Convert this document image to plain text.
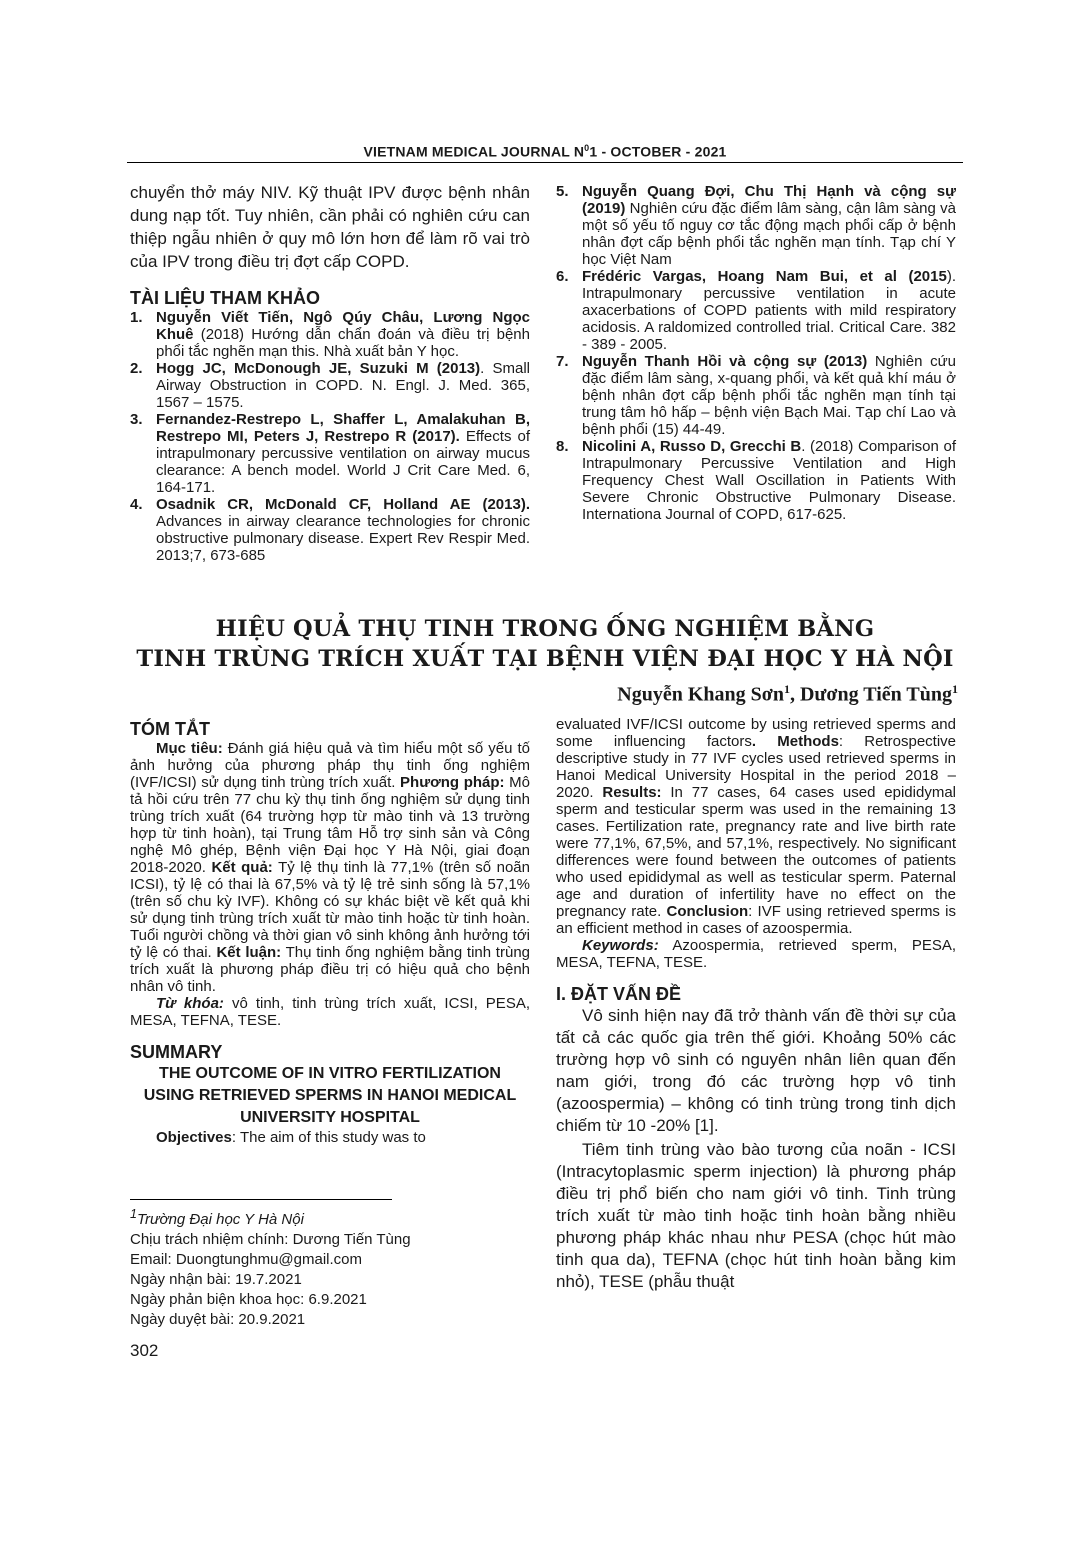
VIETNAM MEDICAL JOURNAL $N^01$ - OCTOBER - 2021

chuyển thở máy NIV. Kỹ thuật IPV được bệnh nhân dung nạp tốt. Tuy nhiên, cần phải có nghiên cứu can thiệp ngẫu nhiên ở quy mô lớn hơn để làm rõ vai trò của IPV trong điều trị đợt cấp COPD.

TÀI LIỆU THAM KHẢO
1. Nguyễn Viết Tiến, Ngô Qúy Châu, Lương Ngọc Khuê (2018) Hướng dẫn chẩn đoán và điều trị bệnh phổi tắc nghẽn mạn this. Nhà xuất bản Y học.
2. Hogg JC, McDonough JE, Suzuki M (2013). Small Airway Obstruction in COPD. N. Engl. J. Med. 365, 1567 – 1575.
3. Fernandez-Restrepo L, Shaffer L, Amalakuhan B, Restrepo MI, Peters J, Restrepo R (2017). Effects of intrapulmonary percussive ventilation on airway mucus clearance: A bench model. World J Crit Care Med. 6, 164-171.
4. Osadnik CR, McDonald CF, Holland AE (2013). Advances in airway clearance technologies for chronic obstructive pulmonary disease. Expert Rev Respir Med. 2013;7, 673-685
5. Nguyễn Quang Đợi, Chu Thị Hạnh và cộng sự (2019) Nghiên cứu đặc điểm lâm sàng, cận lâm sàng và một số yếu tố nguy cơ tắc động mạch phổi cấp ở bệnh nhân đợt cấp bệnh phổi tắc nghẽn mạn tính. Tạp chí Y học Việt Nam
6. Frédéric Vargas, Hoang Nam Bui, et al (2015). Intrapulmonary percussive ventilation in acute axacerbations of COPD patients with mild respiratory acidosis. A raldomized controlled trial. Critical Care. 382 - 389 - 2005.
7. Nguyễn Thanh Hồi và cộng sự (2013) Nghiên cứu đặc điểm lâm sàng, x-quang phổi, và kết quả khí máu ở bệnh nhân đợt cấp bệnh phổi tắc nghẽn mạn tính tại trung tâm hô hấp – bệnh viện Bạch Mai. Tạp chí Lao và bệnh phổi (15) 44-49.
8. Nicolini A, Russo D, Grecchi B. (2018) Comparison of Intrapulmonary Percussive Ventilation and High Frequency Chest Wall Oscillation in Patients With Severe Chronic Obstructive Pulmonary Disease. Internationa Journal of COPD, 617-625.
HIỆU QUẢ THỤ TINH TRONG ỐNG NGHIỆM BẰNG
TINH TRÙNG TRÍCH XUẤT TẠI BỆNH VIỆN ĐẠI HỌC Y HÀ NỘI
Nguyễn Khang Sơn$^1$, Dương Tiến Tùng$^1$
TÓM TẮT

Mục tiêu: Đánh giá hiệu quả và tìm hiểu một số yếu tố ảnh hưởng của phương pháp thụ tinh ống nghiệm (IVF/ICSI) sử dụng tinh trùng trích xuất. Phương pháp: Mô tả hồi cứu trên 77 chu kỳ thụ tinh ống nghiệm sử dụng tinh trùng trích xuất (64 trường hợp từ mào tinh và 13 trường hợp từ tinh hoàn), tại Trung tâm Hỗ trợ sinh sản và Công nghệ Mô ghép, Bệnh viện Đại học Y Hà Nội, giai đoạn 2018-2020. Kết quả: Tỷ lệ thụ tinh là 77,1% (trên số noãn ICSI), tỷ lệ có thai là 67,5% và tỷ lệ trẻ sinh sống là 57,1% (trên số chu kỳ IVF). Không có sự khác biệt về kết quả khi sử dụng tinh trùng trích xuất từ mào tinh hoặc từ tinh hoàn. Tuổi người chồng và thời gian vô sinh không ảnh hưởng tới tỷ lệ có thai. Kết luận: Thụ tinh ống nghiệm bằng tinh trùng trích xuất là phương pháp điều trị có hiệu quả cho bệnh nhân vô tinh.

Từ khóa: vô tinh, tinh trùng trích xuất, ICSI, PESA, MESA, TEFNA, TESE.

SUMMARY
THE OUTCOME OF IN VITRO FERTILIZATION USING RETRIEVED SPERMS IN HANOI MEDICAL UNIVERSITY HOSPITAL

Objectives: The aim of this study was to

evaluated IVF/ICSI outcome by using retrieved sperms and some influencing factors. Methods: Retrospective descriptive study in 77 IVF cycles used retrieved sperms in Hanoi Medical University Hospital in the period 2018 – 2020. Results: In 77 cases, 64 cases used epididymal sperm and testicular sperm was used in the remaining 13 cases. Fertilization rate, pregnancy rate and live birth rate were 77,1%, 67,5%, and 57,1%, respectively. No significant differences were found between the outcomes of patients who used epididymal as well as testicular sperm. Paternal age and duration of infertility have no effect on the pregnancy rate. Conclusion: IVF using retrieved sperms is an efficient method in cases of azoospermia.

Keywords: Azoospermia, retrieved sperm, PESA, MESA, TEFNA, TESE.

I. ĐẶT VẤN ĐỀ

Vô sinh hiện nay đã trở thành vấn đề thời sự của tất cả các quốc gia trên thế giới. Khoảng 50% các trường hợp vô sinh có nguyên nhân liên quan đến nam giới, trong đó các trường hợp vô tinh (azoospermia) – không có tinh trùng trong tinh dịch chiếm từ 10 -20% [1].

Tiêm tinh trùng vào bào tương của noãn - ICSI (Intracytoplasmic sperm injection) là phương pháp điều trị phổ biến cho nam giới vô tinh. Tinh trùng trích xuất từ mào tinh hoặc tinh hoàn bằng nhiều phương pháp khác nhau như PESA (chọc hút mào tinh qua da), TEFNA (chọc hút tinh hoàn bằng kim nhỏ), TESE (phẫu thuật

$^1$Trường Đại học Y Hà Nội
Chịu trách nhiệm chính: Dương Tiến Tùng
Email: Duongtunghmu@gmail.com
Ngày nhận bài: 19.7.2021
Ngày phản biện khoa học: 6.9.2021
Ngày duyệt bài: 20.9.2021
302
